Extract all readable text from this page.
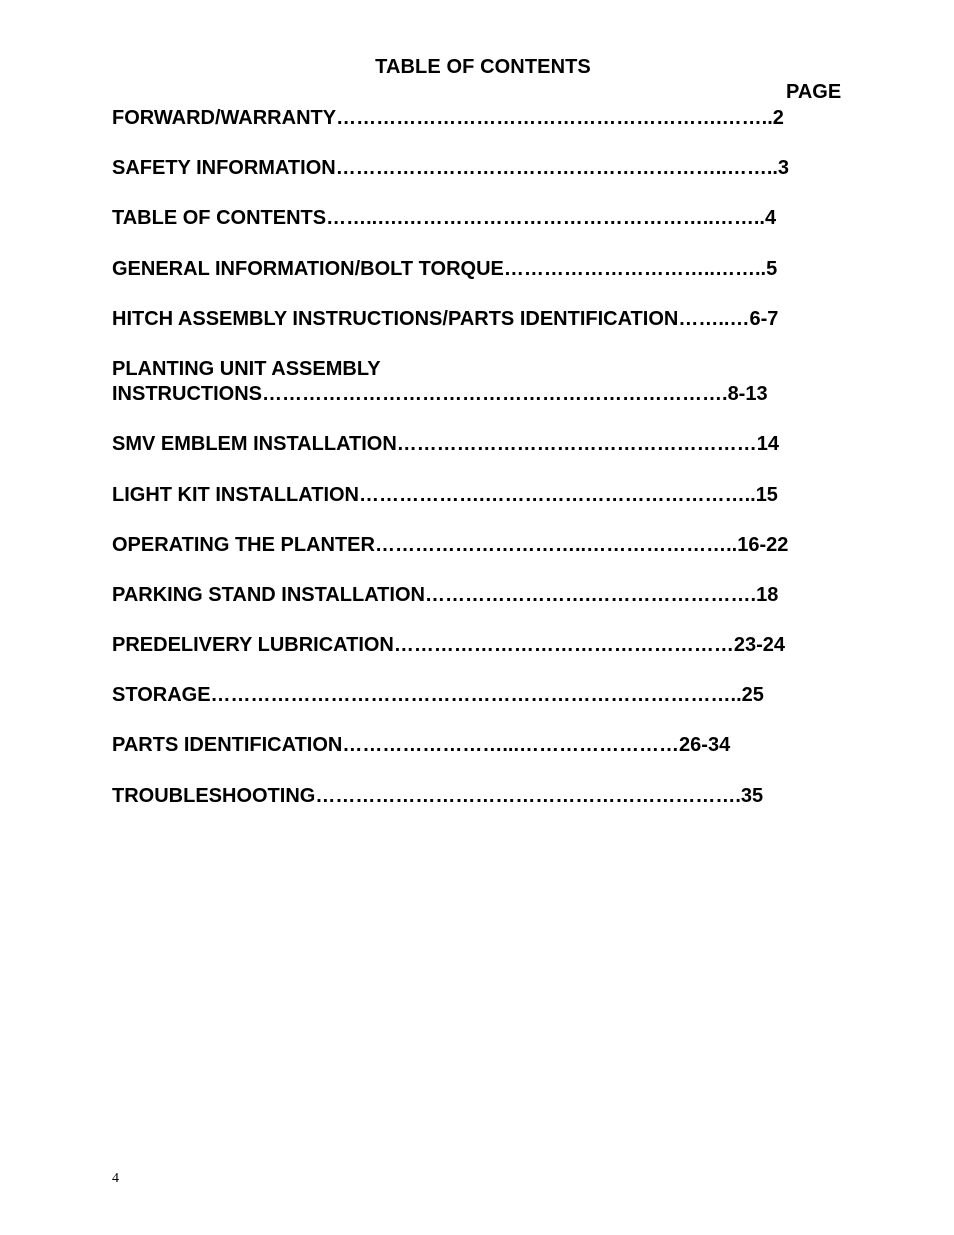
TABLE OF CONTENTS
PAGE
FORWARD/WARRANTY………………………………………………….……..2
SAFETY INFORMATION…………………………………………………..……..3
TABLE OF CONTENTS……..….………………………………………..……..4
GENERAL INFORMATION/BOLT TORQUE…………………………..……..5
HITCH ASSEMBLY INSTRUCTIONS/PARTS IDENTIFICATION……..…6-7
PLANTING UNIT ASSEMBLY
INSTRUCTIONS…………………………………………………………….8-13
SMV EMBLEM INSTALLATION………………………………………………14
LIGHT KIT INSTALLATION……………….…………………………………..15
OPERATING THE PLANTER…………………………..…………………..16-22
PARKING STAND INSTALLATION…………………….…………………….18
PREDELIVERY LUBRICATION……………………………………………23-24
STORAGE……………………………………………………………………..25
PARTS IDENTIFICATION……………………...……………………26-34
TROUBLESHOOTING……………………………………………………….35
4
